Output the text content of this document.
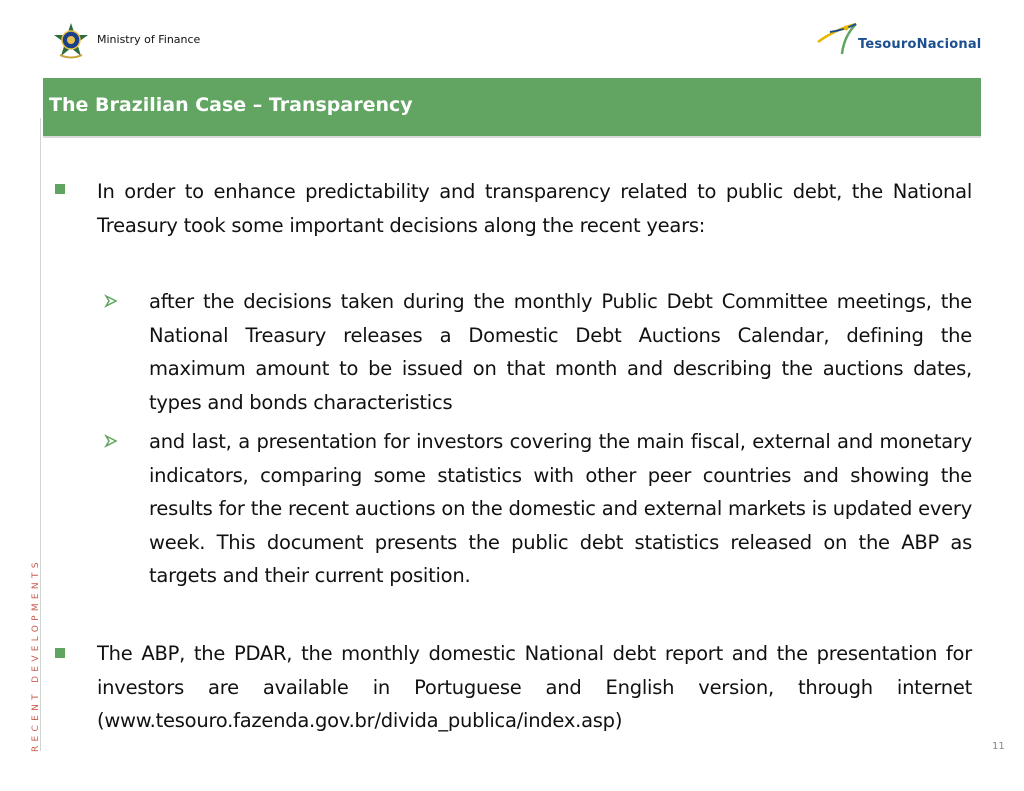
Ministry of Finance	TesouroNacional
The Brazilian Case – Transparency
RECENT DEVELOPMENTS
In order to enhance predictability and transparency related to public debt, the National Treasury took some important decisions along the recent years:
after the decisions taken during the monthly Public Debt Committee meetings, the National Treasury releases a Domestic Debt Auctions Calendar, defining the maximum amount to be issued on that month and describing the auctions dates, types and bonds characteristics
and last, a presentation for investors covering the main fiscal, external and monetary indicators, comparing some statistics with other peer countries and showing the results for the recent auctions on the domestic and external markets is updated every week. This document presents the public debt statistics released on the ABP as targets and their current position.
The ABP, the PDAR, the monthly domestic National debt report and the presentation for investors are available in Portuguese and English version, through internet (www.tesouro.fazenda.gov.br/divida_publica/index.asp)
11
